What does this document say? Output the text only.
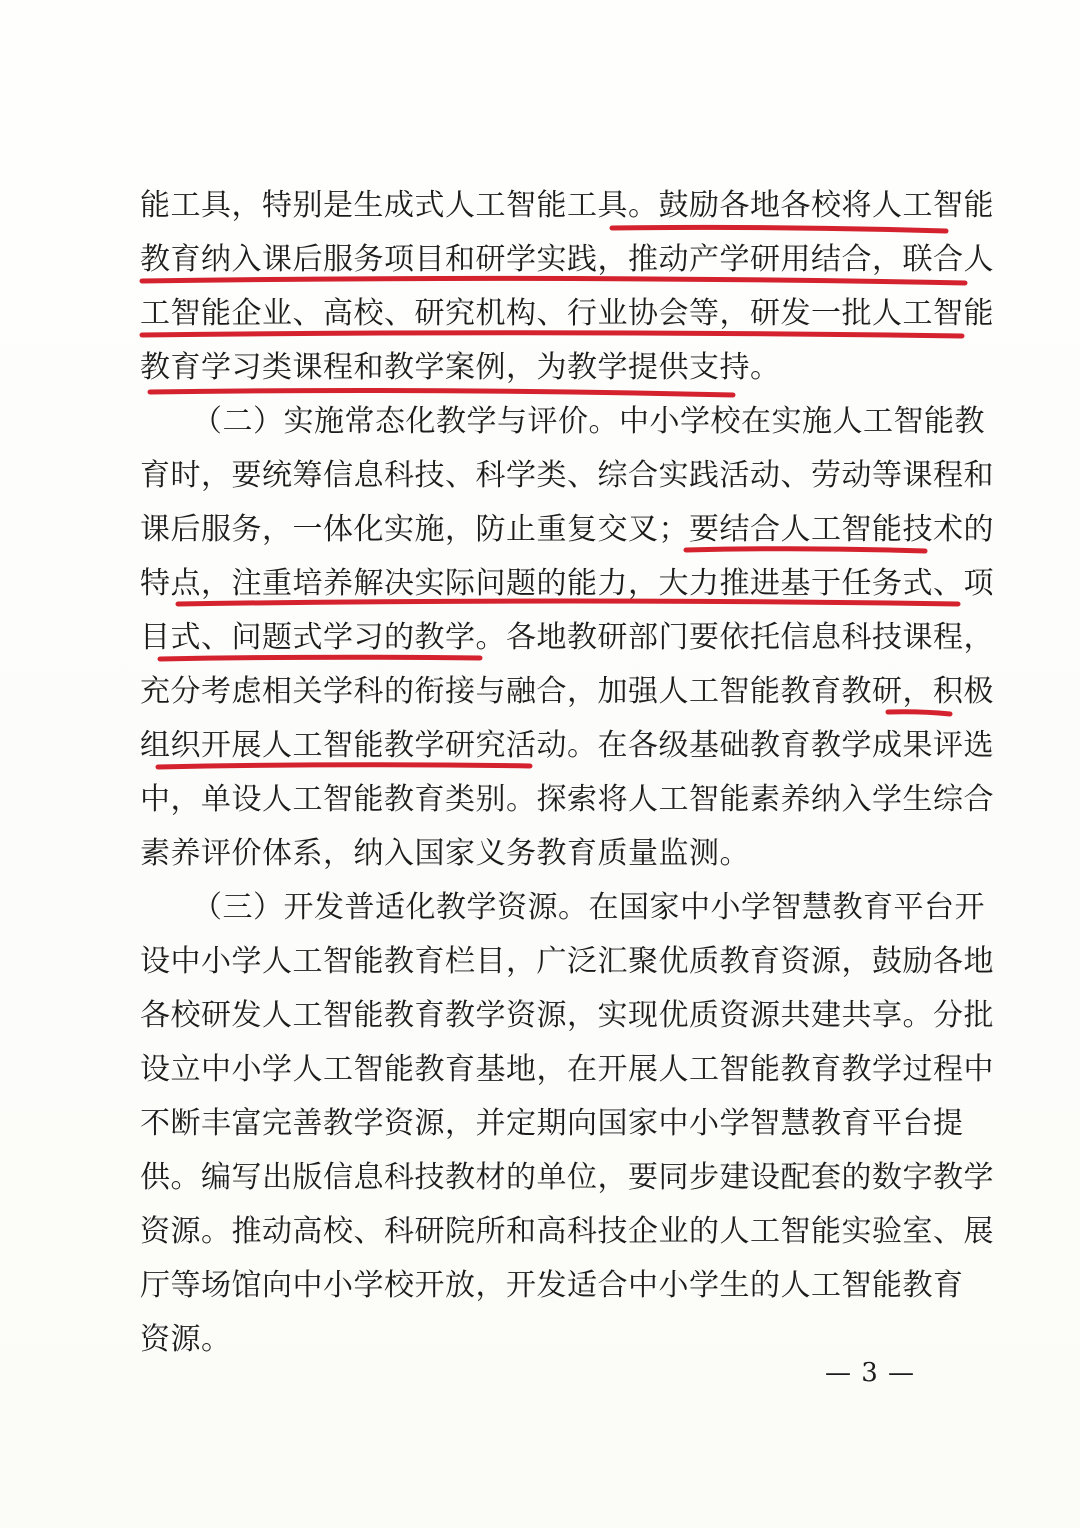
能工具，特别是生成式人工智能工具。鼓励各地各校将人工智能
教育纳入课后服务项目和研学实践，推动产学研用结合，联合人
工智能企业、高校、研究机构、行业协会等，研发一批人工智能
教育学习类课程和教学案例，为教学提供支持。
（二）实施常态化教学与评价。中小学校在实施人工智能教
育时，要统筹信息科技、科学类、综合实践活动、劳动等课程和
课后服务，一体化实施，防止重复交叉；要结合人工智能技术的
特点，注重培养解决实际问题的能力，大力推进基于任务式、项
目式、问题式学习的教学。各地教研部门要依托信息科技课程，
充分考虑相关学科的衔接与融合，加强人工智能教育教研，积极
组织开展人工智能教学研究活动。在各级基础教育教学成果评选
中，单设人工智能教育类别。探索将人工智能素养纳入学生综合
素养评价体系，纳入国家义务教育质量监测。
（三）开发普适化教学资源。在国家中小学智慧教育平台开
设中小学人工智能教育栏目，广泛汇聚优质教育资源，鼓励各地
各校研发人工智能教育教学资源，实现优质资源共建共享。分批
设立中小学人工智能教育基地，在开展人工智能教育教学过程中
不断丰富完善教学资源，并定期向国家中小学智慧教育平台提
供。编写出版信息科技教材的单位，要同步建设配套的数字教学
资源。推动高校、科研院所和高科技企业的人工智能实验室、展
厅等场馆向中小学校开放，开发适合中小学生的人工智能教育
资源。
— 3 —
